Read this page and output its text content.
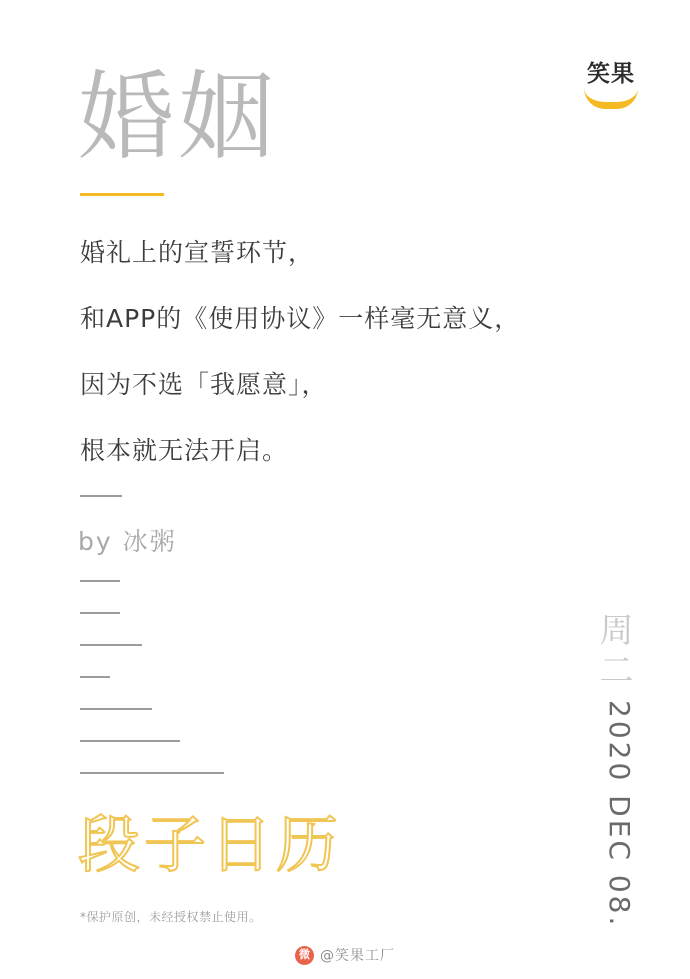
笑果
婚姻
婚礼上的宣誓环节，
和APP的《使用协议》一样毫无意义，
因为不选「我愿意」，
根本就无法开启。
by 冰粥
段子日历
*保护原创，未经授权禁止使用。
周二
2020 DEC 08.
微 @笑果工厂
